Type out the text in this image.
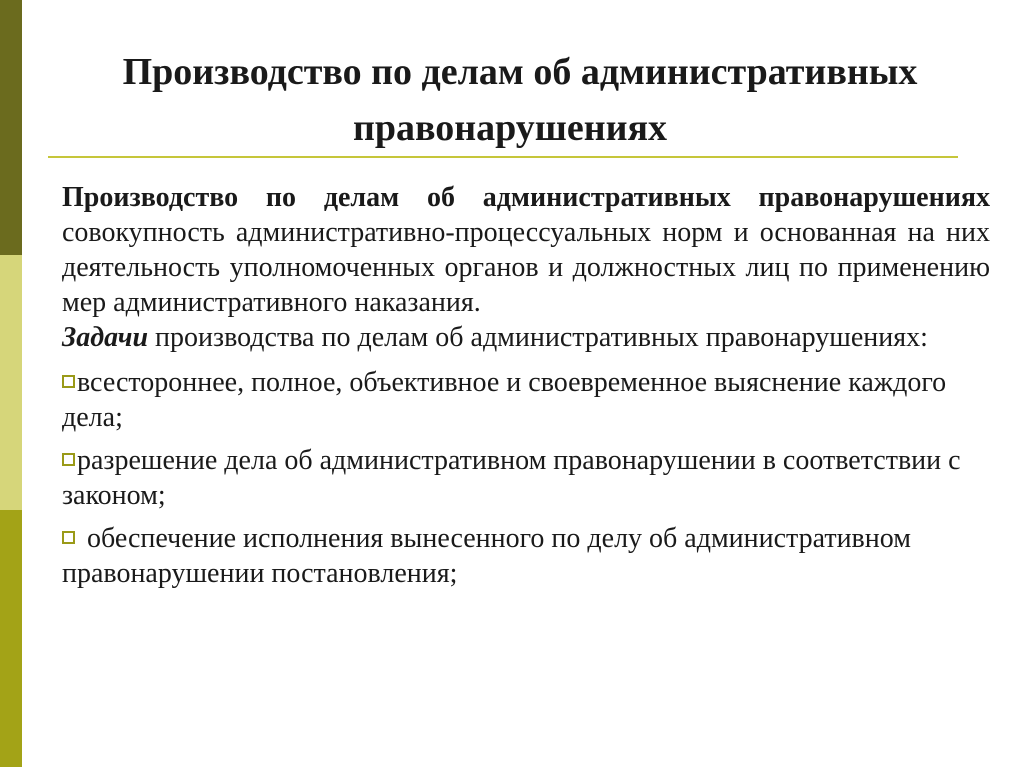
Производство по делам об административных
правонарушениях

Производство по делам об административных правонарушениях совокупность административно-процессуальных норм и основанная на них деятельность уполномоченных органов и должностных лиц по применению мер административного наказания.

Задачи производства по делам об административных правонарушениях:

всестороннее, полное, объективное и своевременное выяснение каждого дела;

разрешение дела об административном правонарушении в соответствии с законом;

обеспечение исполнения вынесенного по делу об административном правонарушении постановления;
